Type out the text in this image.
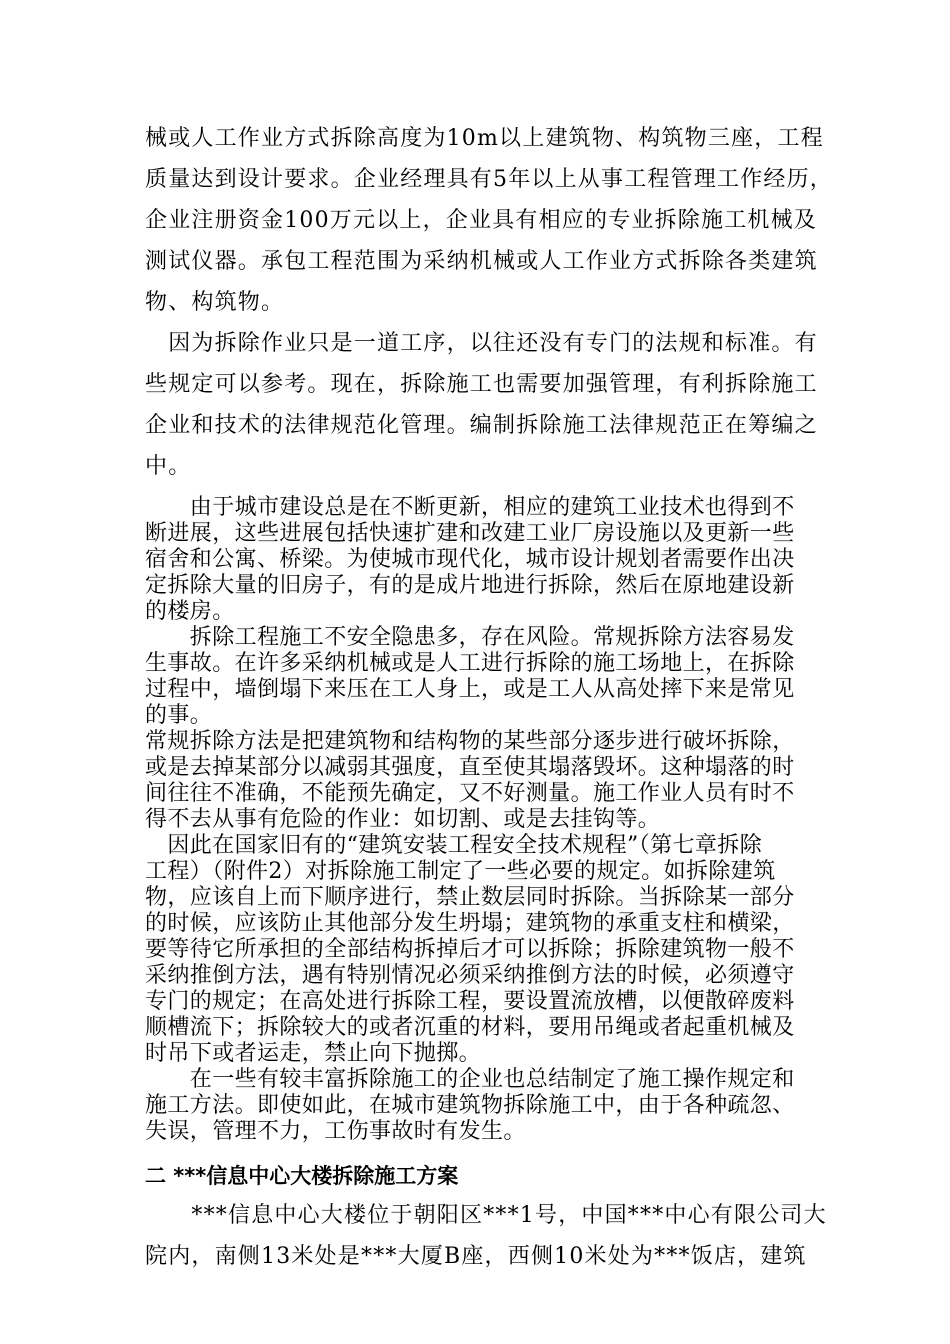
械或人工作业方式拆除高度为10m以上建筑物、构筑物三座，工程
质量达到设计要求。企业经理具有5年以上从事工程管理工作经历，
企业注册资金100万元以上，企业具有相应的专业拆除施工机械及
测试仪器。承包工程范围为采纳机械或人工作业方式拆除各类建筑
物、构筑物。
　因为拆除作业只是一道工序，以往还没有专门的法规和标准。有
些规定可以参考。现在，拆除施工也需要加强管理，有利拆除施工
企业和技术的法律规范化管理。编制拆除施工法律规范正在筹编之
中。
　　由于城市建设总是在不断更新，相应的建筑工业技术也得到不
断进展，这些进展包括快速扩建和改建工业厂房设施以及更新一些
宿舍和公寓、桥梁。为使城市现代化，城市设计规划者需要作出决
定拆除大量的旧房子，有的是成片地进行拆除，然后在原地建设新
的楼房。
　　拆除工程施工不安全隐患多，存在风险。常规拆除方法容易发
生事故。在许多采纳机械或是人工进行拆除的施工场地上，在拆除
过程中，墙倒塌下来压在工人身上，或是工人从高处摔下来是常见
的事。
常规拆除方法是把建筑物和结构物的某些部分逐步进行破坏拆除，
或是去掉某部分以减弱其强度，直至使其塌落毁坏。这种塌落的时
间往往不准确，不能预先确定，又不好测量。施工作业人员有时不
得不去从事有危险的作业：如切割、或是去挂钩等。
　因此在国家旧有的“建筑安装工程安全技术规程”（第七章拆除
工程）（附件2）对拆除施工制定了一些必要的规定。如拆除建筑
物，应该自上而下顺序进行，禁止数层同时拆除。当拆除某一部分
的时候，应该防止其他部分发生坍塌；建筑物的承重支柱和横梁，
要等待它所承担的全部结构拆掉后才可以拆除；拆除建筑物一般不
采纳推倒方法，遇有特别情况必须采纳推倒方法的时候，必须遵守
专门的规定；在高处进行拆除工程，要设置流放槽，以便散碎废料
顺槽流下；拆除较大的或者沉重的材料，要用吊绳或者起重机械及
时吊下或者运走，禁止向下抛掷。
　　在一些有较丰富拆除施工的企业也总结制定了施工操作规定和
施工方法。即使如此，在城市建筑物拆除施工中，由于各种疏忽、
失误，管理不力，工伤事故时有发生。
二 ***信息中心大楼拆除施工方案
　　***信息中心大楼位于朝阳区***1号，中国***中心有限公司大
院内，南侧13米处是***大厦B座，西侧10米处为***饭店，建筑
